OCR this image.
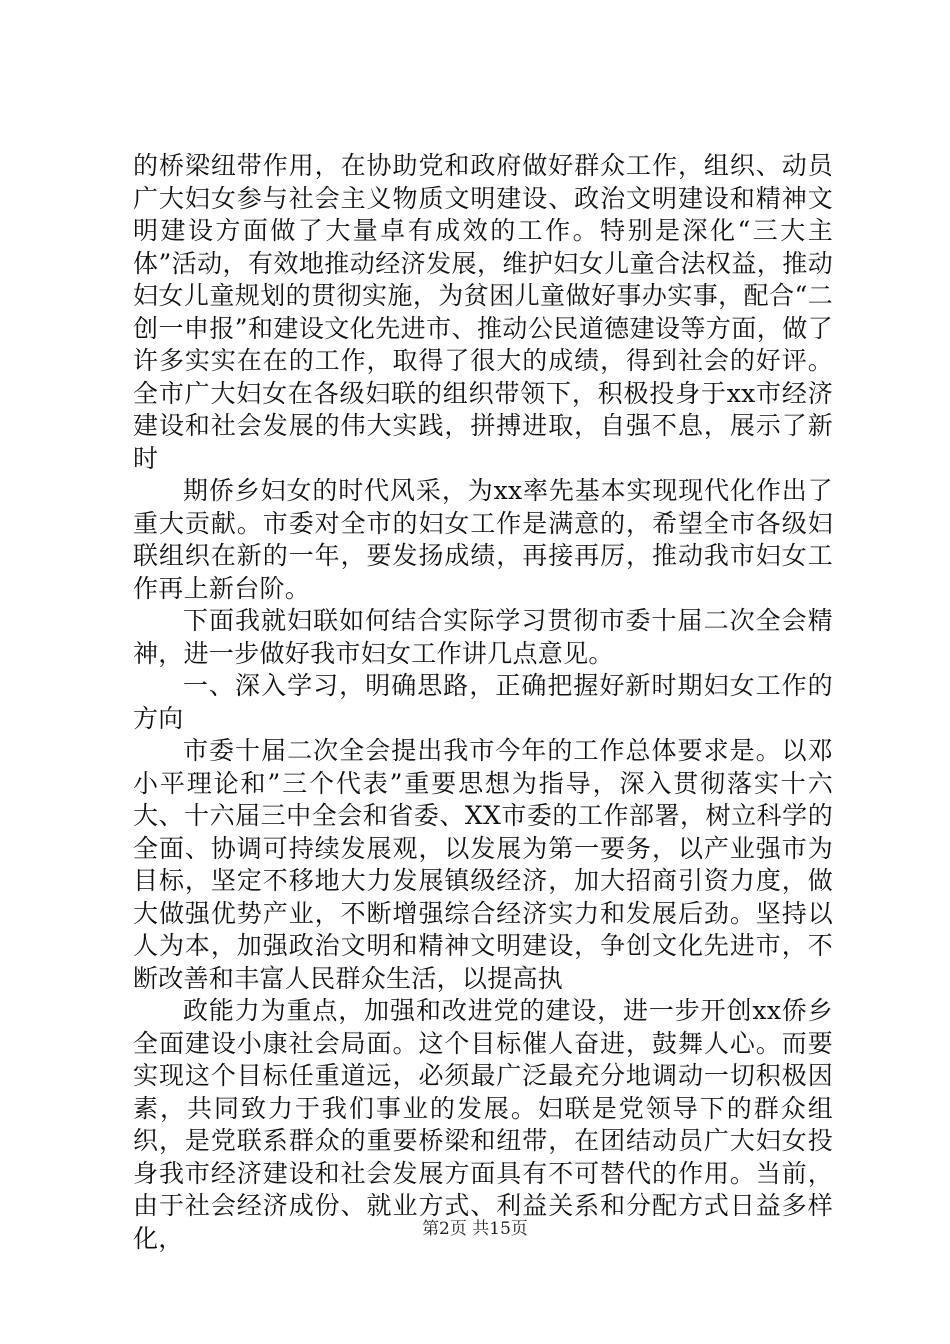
的桥梁纽带作用，在协助党和政府做好群众工作，组织、动员广大妇女参与社会主义物质文明建设、政治文明建设和精神文明建设方面做了大量卓有成效的工作。特别是深化“三大主体”活动，有效地推动经济发展，维护妇女儿童合法权益，推动妇女儿童规划的贯彻实施，为贫困儿童做好事办实事，配合“二创一申报”和建设文化先进市、推动公民道德建设等方面，做了许多实实在在的工作，取得了很大的成绩，得到社会的好评。全市广大妇女在各级妇联的组织带领下，积极投身于xx市经济建设和社会发展的伟大实践，拼搏进取，自强不息，展示了新时

期侨乡妇女的时代风采，为xx率先基本实现现代化作出了重大贡献。市委对全市的妇女工作是满意的，希望全市各级妇联组织在新的一年，要发扬成绩，再接再厉，推动我市妇女工作再上新台阶。

下面我就妇联如何结合实际学习贯彻市委十届二次全会精神，进一步做好我市妇女工作讲几点意见。

一、深入学习，明确思路，正确把握好新时期妇女工作的方向

市委十届二次全会提出我市今年的工作总体要求是。以邓小平理论和”三个代表”重要思想为指导，深入贯彻落实十六大、十六届三中全会和省委、XX市委的工作部署，树立科学的全面、协调可持续发展观，以发展为第一要务，以产业强市为目标，坚定不移地大力发展镇级经济，加大招商引资力度，做大做强优势产业，不断增强综合经济实力和发展后劲。坚持以人为本，加强政治文明和精神文明建设，争创文化先进市，不断改善和丰富人民群众生活，以提高执

政能力为重点，加强和改进党的建设，进一步开创xx侨乡全面建设小康社会局面。这个目标催人奋进，鼓舞人心。而要实现这个目标任重道远，必须最广泛最充分地调动一切积极因素，共同致力于我们事业的发展。妇联是党领导下的群众组织，是党联系群众的重要桥梁和纽带，在团结动员广大妇女投身我市经济建设和社会发展方面具有不可替代的作用。当前，由于社会经济成份、就业方式、利益关系和分配方式日益多样化，	第2页 共15页
